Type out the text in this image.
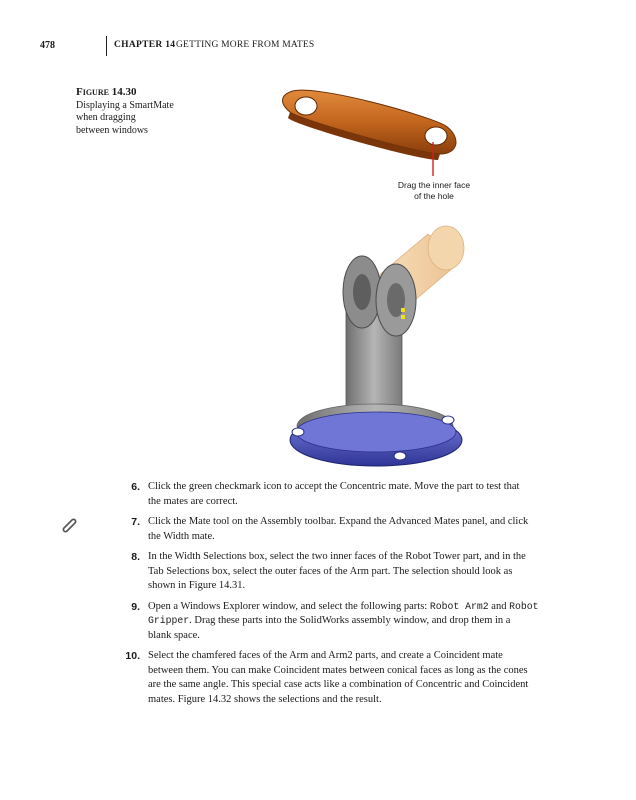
478	CHAPTER 14 GETTING MORE FROM MATES
Figure 14.30
Displaying a SmartMate
when dragging
between windows
Drag the inner face
of the hole
6. Click the green checkmark icon to accept the Concentric mate. Move the part to test that
the mates are correct.
7. Click the Mate tool on the Assembly toolbar. Expand the Advanced Mates panel, and click
the Width mate.
8. In the Width Selections box, select the two inner faces of the Robot Tower part, and in the
Tab Selections box, select the outer faces of the Arm part. The selection should look as
shown in Figure 14.31.
9. Open a Windows Explorer window, and select the following parts: Robot Arm2 and Robot
Gripper. Drag these parts into the SolidWorks assembly window, and drop them in a
blank space.
10. Select the chamfered faces of the Arm and Arm2 parts, and create a Coincident mate
between them. You can make Coincident mates between conical faces as long as the cones
are the same angle. This special case acts like a combination of Concentric and Coincident
mates. Figure 14.32 shows the selections and the result.
